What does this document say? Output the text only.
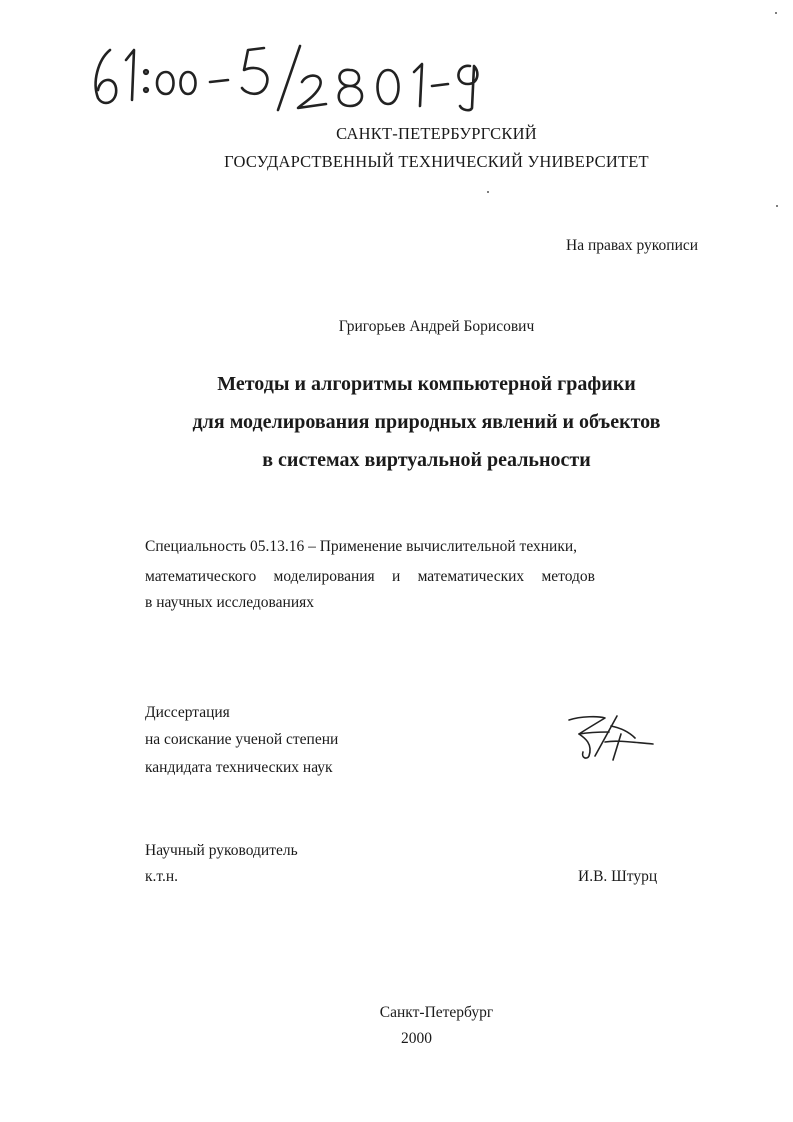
САНКТ-ПЕТЕРБУРГСКИЙ
ГОСУДАРСТВЕННЫЙ ТЕХНИЧЕСКИЙ УНИВЕРСИТЕТ
На правах рукописи
Григорьев Андрей Борисович
Методы и алгоритмы компьютерной графики
для моделирования природных явлений и объектов
в системах виртуальной реальности
Специальность 05.13.16 – Применение вычислительной техники,
математического моделирования и математических методов
в научных исследованиях
Диссертация
на соискание ученой степени
кандидата технических наук
Научный руководитель
к.т.н.	И.В. Штурц
Санкт-Петербург
2000
